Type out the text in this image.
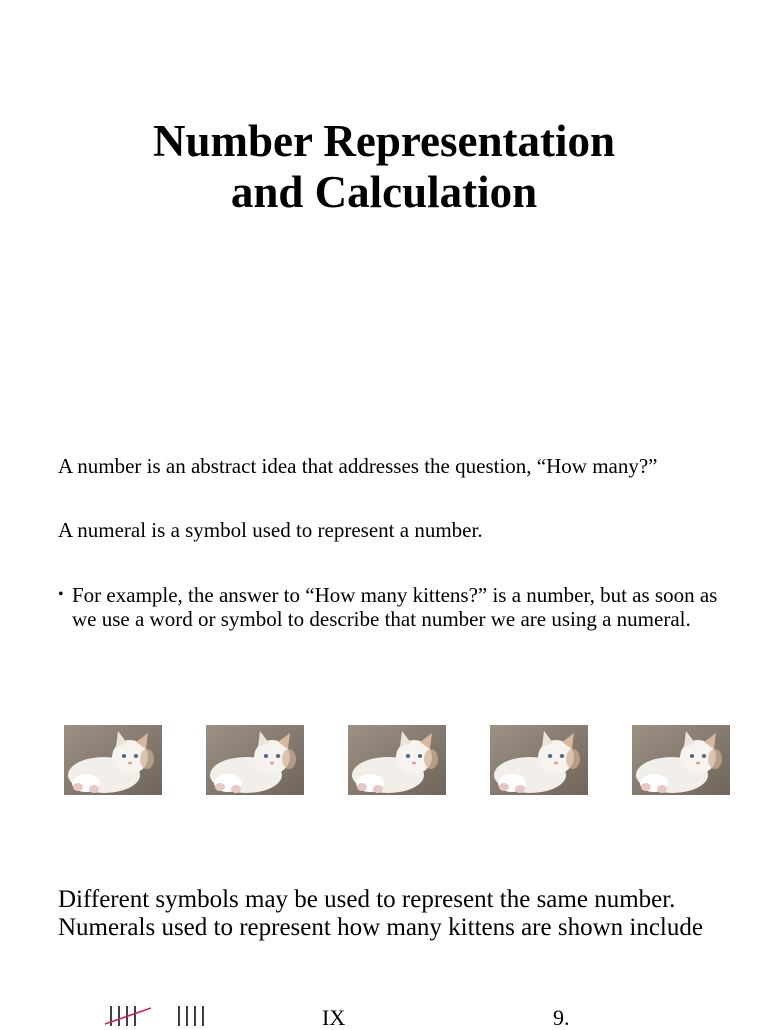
Number Representation
and Calculation

A number is an abstract idea that addresses the question, “How many?”

A numeral is a symbol used to represent a number.

• For example, the answer to “How many kittens?” is a number, but as soon as we use a word or symbol to describe that number we are using a numeral.

Different symbols may be used to represent the same number. Numerals used to represent how many kittens are shown include

IX	9.
